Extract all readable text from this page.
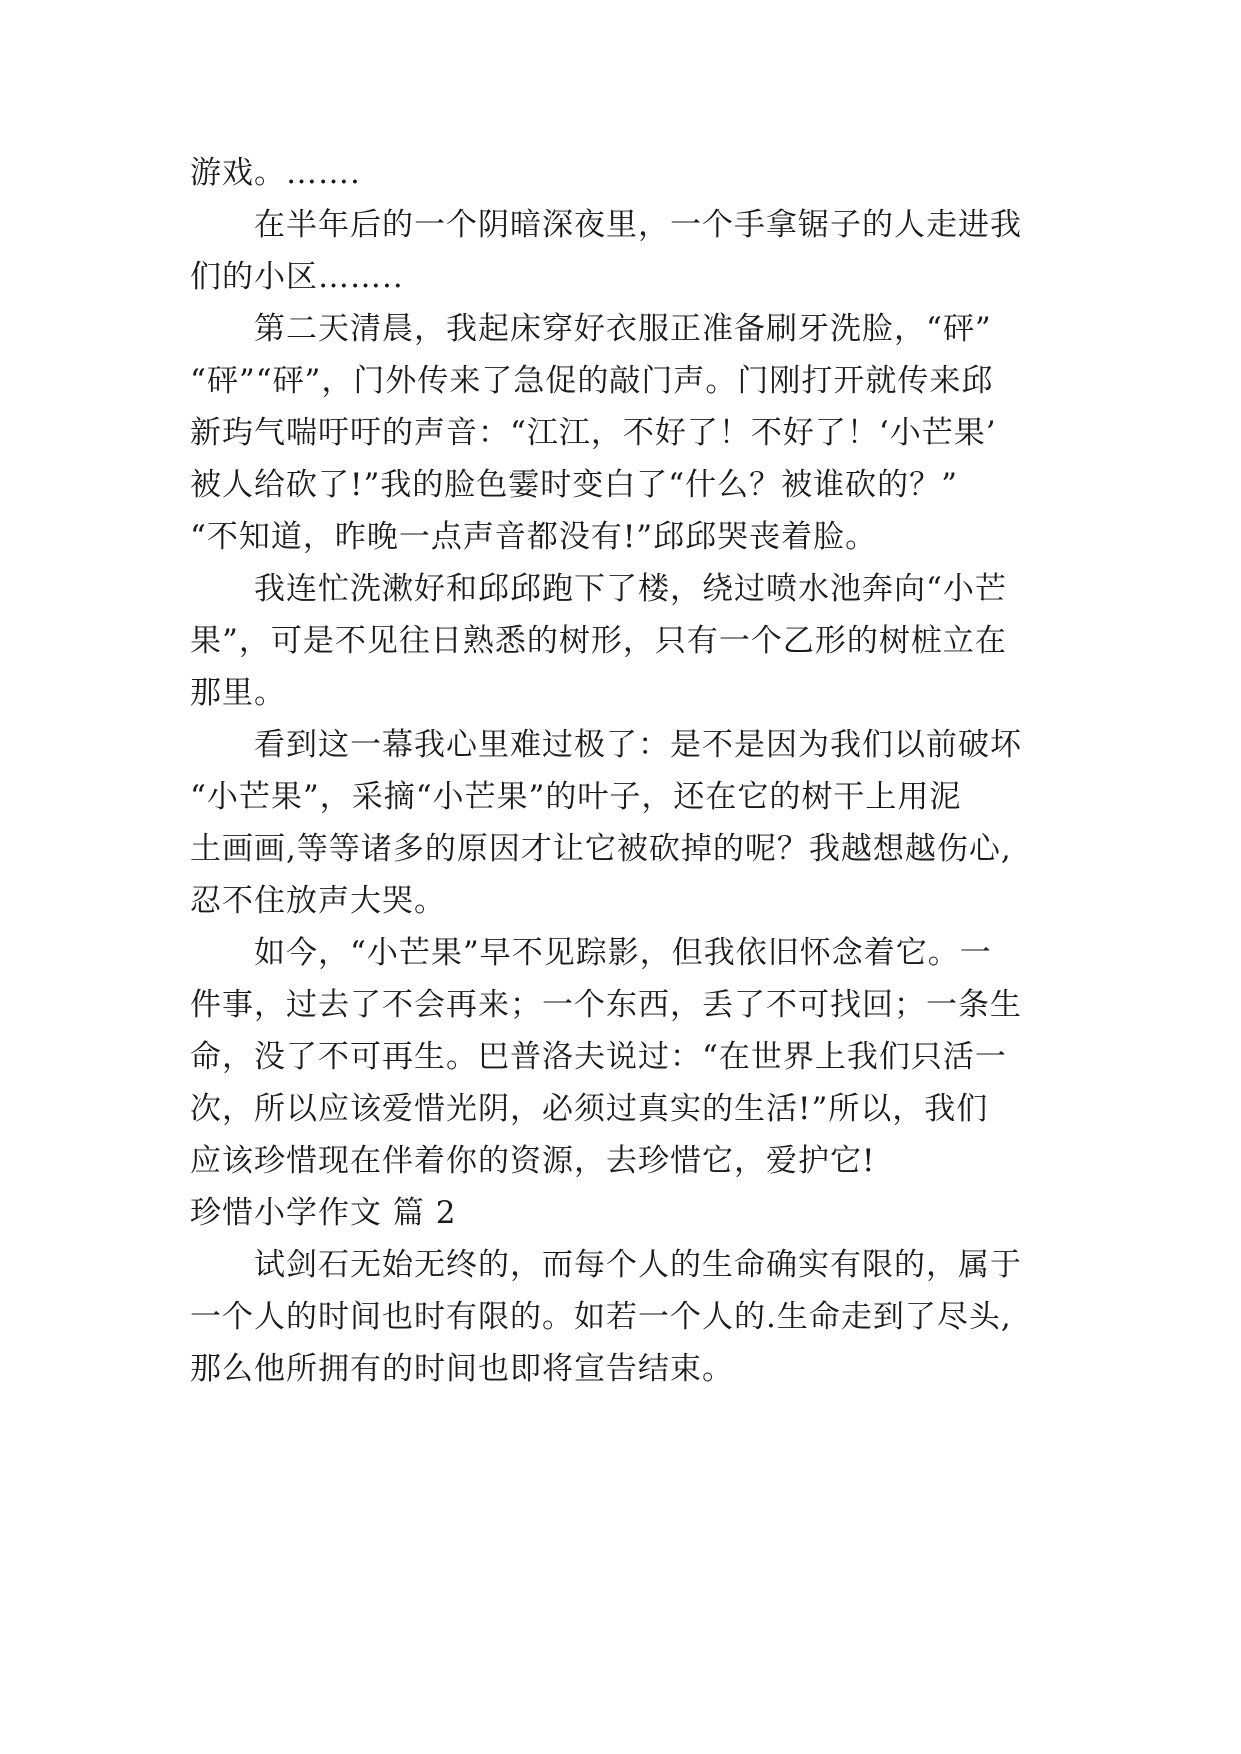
游戏。…….
　　在半年后的一个阴暗深夜里，一个手拿锯子的人走进我
们的小区……..
　　第二天清晨，我起床穿好衣服正准备刷牙洗脸，“砰”
“砰”“砰”，门外传来了急促的敲门声。门刚打开就传来邱
新玙气喘吁吁的声音：“江江，不好了！不好了！‘小芒果’
被人给砍了!”我的脸色霎时变白了“什么？被谁砍的？”
“不知道，昨晚一点声音都没有!”邱邱哭丧着脸。
　　我连忙洗漱好和邱邱跑下了楼，绕过喷水池奔向“小芒
果”，可是不见往日熟悉的树形，只有一个乙形的树桩立在
那里。
　　看到这一幕我心里难过极了：是不是因为我们以前破坏
“小芒果”，采摘“小芒果”的叶子，还在它的树干上用泥
土画画,等等诸多的原因才让它被砍掉的呢？我越想越伤心,
忍不住放声大哭。
　　如今，“小芒果”早不见踪影，但我依旧怀念着它。一
件事，过去了不会再来；一个东西，丢了不可找回；一条生
命，没了不可再生。巴普洛夫说过：“在世界上我们只活一
次，所以应该爱惜光阴，必须过真实的生活!”所以，我们
应该珍惜现在伴着你的资源，去珍惜它，爱护它!
珍惜小学作文 篇 2
　　试剑石无始无终的，而每个人的生命确实有限的，属于
一个人的时间也时有限的。如若一个人的.生命走到了尽头,
那么他所拥有的时间也即将宣告结束。
